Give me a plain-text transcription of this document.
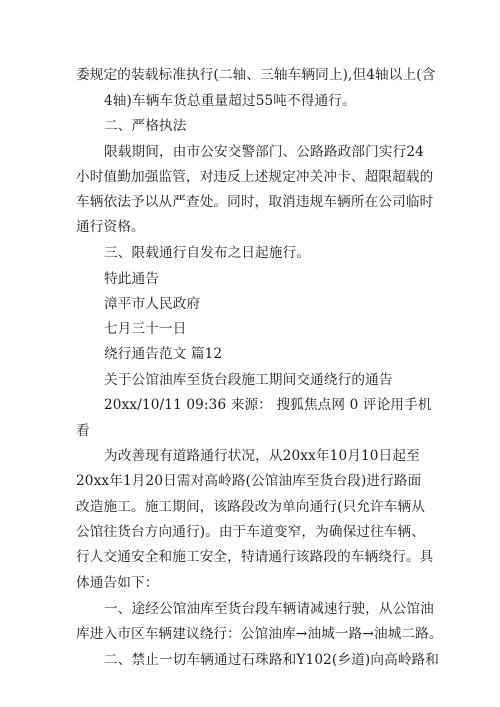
委规定的装载标准执行(二轴、三轴车辆同上),但4轴以上(含
4轴)车辆车货总重量超过55吨不得通行。
二、严格执法
限载期间，由市公安交警部门、公路路政部门实行24
小时值勤加强监管，对违反上述规定冲关冲卡、超限超载的
车辆依法予以从严查处。同时，取消违规车辆所在公司临时
通行资格。
三、限载通行自发布之日起施行。
特此通告
漳平市人民政府
七月三十一日
绕行通告范文 篇12
关于公馆油库至货台段施工期间交通绕行的通告
20xx/10/11 09:36 来源： 搜狐焦点网 0 评论用手机
看
为改善现有道路通行状况，从20xx年10月10日起至
20xx年1月20日需对高岭路(公馆油库至货台段)进行路面
改造施工。施工期间，该路段改为单向通行(只允许车辆从
公馆往货台方向通行)。由于车道变窄，为确保过往车辆、
行人交通安全和施工安全，特请通行该路段的车辆绕行。具
体通告如下：
一、途经公馆油库至货台段车辆请减速行驶，从公馆油
库进入市区车辆建议绕行：公馆油库→油城一路→油城二路。
二、禁止一切车辆通过石珠路和Y102(乡道)向高岭路和
